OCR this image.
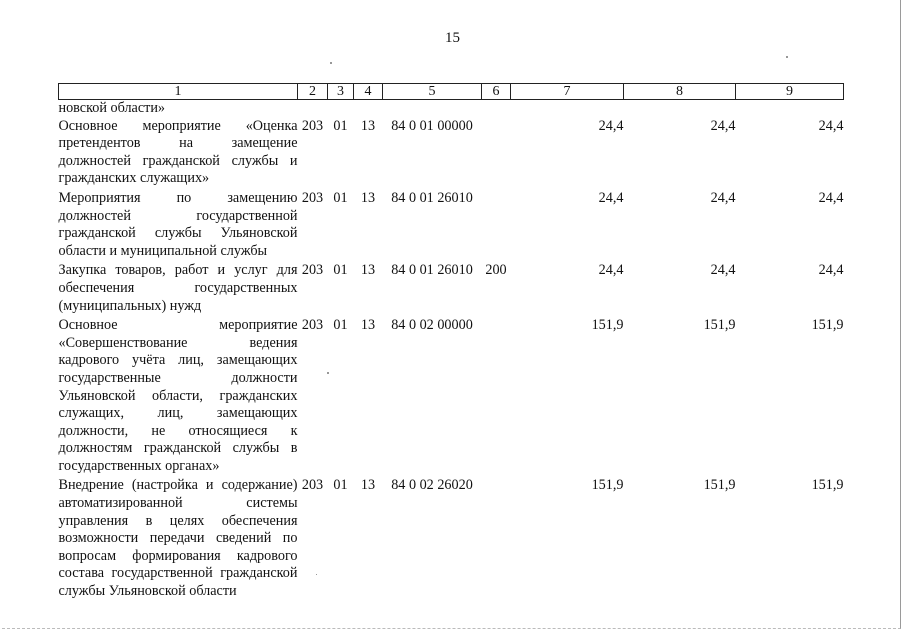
15
1	2	3	4	5	6	7	8	9
новской области»								
Основное мероприятие «Оценка претендентов на замещение должностей гражданской службы и гражданских служащих»	203	01	13	84 0 01 00000		24,4	24,4	24,4
Мероприятия по замещению должностей государственной гражданской службы Ульяновской области и муниципальной службы	203	01	13	84 0 01 26010		24,4	24,4	24,4
Закупка товаров, работ и услуг для обеспечения государственных (муниципальных) нужд	203	01	13	84 0 01 26010	200	24,4	24,4	24,4
Основное мероприятие «Совершенствование ведения кадрового учёта лиц, замещающих государственные должности Ульяновской области, гражданских служащих, лиц, замещающих должности, не относящиеся к должностям гражданской службы в государственных органах»	203	01	13	84 0 02 00000		151,9	151,9	151,9
Внедрение (настройка и содержание) автоматизированной системы управления в целях обеспечения возможности передачи сведений по вопросам формирования кадрового состава государственной гражданской службы Ульяновской области	203	01	13	84 0 02 26020		151,9	151,9	151,9
